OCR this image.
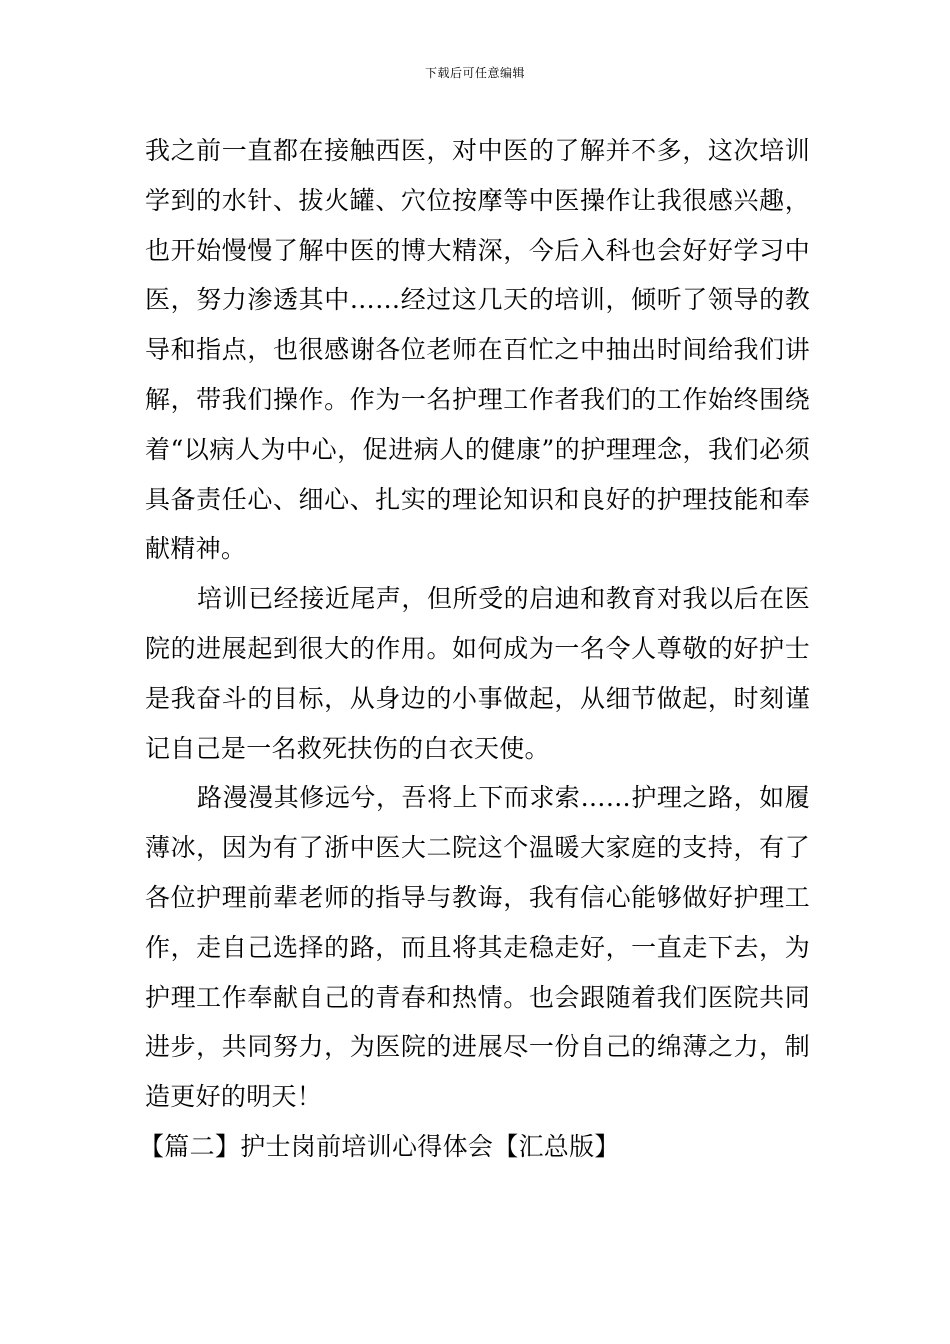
下载后可任意编辑

我之前一直都在接触西医，对中医的了解并不多，这次培训学到的水针、拔火罐、穴位按摩等中医操作让我很感兴趣，也开始慢慢了解中医的博大精深，今后入科也会好好学习中医，努力渗透其中……经过这几天的培训，倾听了领导的教导和指点，也很感谢各位老师在百忙之中抽出时间给我们讲解，带我们操作。作为一名护理工作者我们的工作始终围绕着“以病人为中心，促进病人的健康”的护理理念，我们必须具备责任心、细心、扎实的理论知识和良好的护理技能和奉献精神。

培训已经接近尾声，但所受的启迪和教育对我以后在医院的进展起到很大的作用。如何成为一名令人尊敬的好护士是我奋斗的目标，从身边的小事做起，从细节做起，时刻谨记自己是一名救死扶伤的白衣天使。

路漫漫其修远兮，吾将上下而求索……护理之路，如履薄冰，因为有了浙中医大二院这个温暖大家庭的支持，有了各位护理前辈老师的指导与教诲，我有信心能够做好护理工作，走自己选择的路，而且将其走稳走好，一直走下去，为护理工作奉献自己的青春和热情。也会跟随着我们医院共同进步，共同努力，为医院的进展尽一份自己的绵薄之力，制造更好的明天！

【篇二】护士岗前培训心得体会【汇总版】
